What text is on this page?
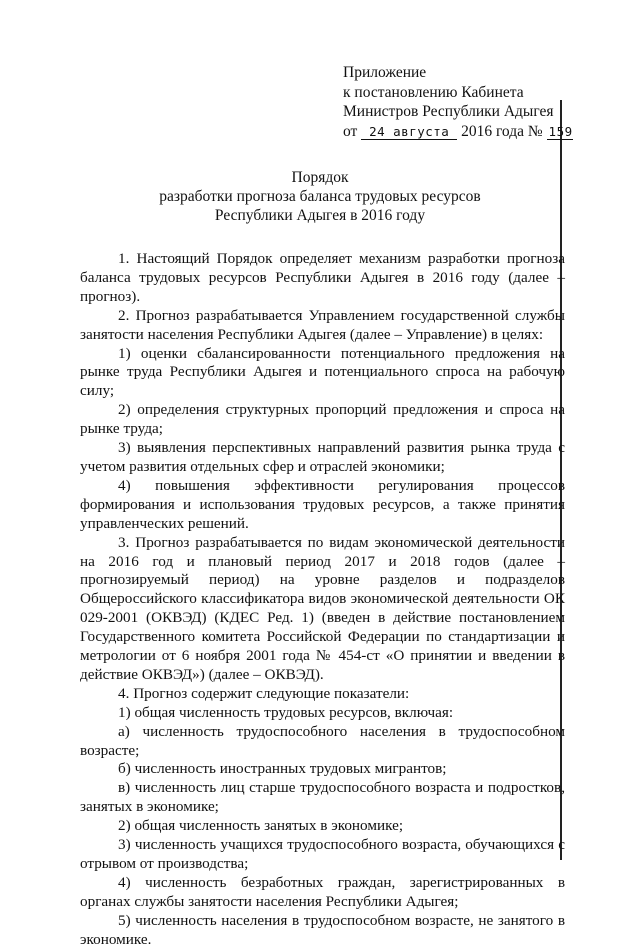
Приложение
к постановлению Кабинета
Министров Республики Адыгея
от 24 августа 2016 года № 159
Порядок
разработки прогноза баланса трудовых ресурсов
Республики Адыгея в 2016 году

1. Настоящий Порядок определяет механизм разработки прогноза баланса трудовых ресурсов Республики Адыгея в 2016 году (далее – прогноз).

2. Прогноз разрабатывается Управлением государственной службы занятости населения Республики Адыгея (далее – Управление) в целях:

1) оценки сбалансированности потенциального предложения на рынке труда Республики Адыгея и потенциального спроса на рабочую силу;

2) определения структурных пропорций предложения и спроса на рынке труда;

3) выявления перспективных направлений развития рынка труда с учетом развития отдельных сфер и отраслей экономики;

4) повышения эффективности регулирования процессов формирования и использования трудовых ресурсов, а также принятия управленческих решений.

3. Прогноз разрабатывается по видам экономической деятельности на 2016 год и плановый период 2017 и 2018 годов (далее – прогнозируемый период) на уровне разделов и подразделов Общероссийского классификатора видов экономической деятельности ОК 029-2001 (ОКВЭД) (КДЕС Ред. 1) (введен в действие постановлением Государственного комитета Российской Федерации по стандартизации и метрологии от 6 ноября 2001 года № 454-ст «О принятии и введении в действие ОКВЭД») (далее – ОКВЭД).

4. Прогноз содержит следующие показатели:

1) общая численность трудовых ресурсов, включая:

а) численность трудоспособного населения в трудоспособном возрасте;

б) численность иностранных трудовых мигрантов;

в) численность лиц старше трудоспособного возраста и подростков, занятых в экономике;

2) общая численность занятых в экономике;

3) численность учащихся трудоспособного возраста, обучающихся с отрывом от производства;

4) численность безработных граждан, зарегистрированных в органах службы занятости населения Республики Адыгея;

5) численность населения в трудоспособном возрасте, не занятого в экономике.
